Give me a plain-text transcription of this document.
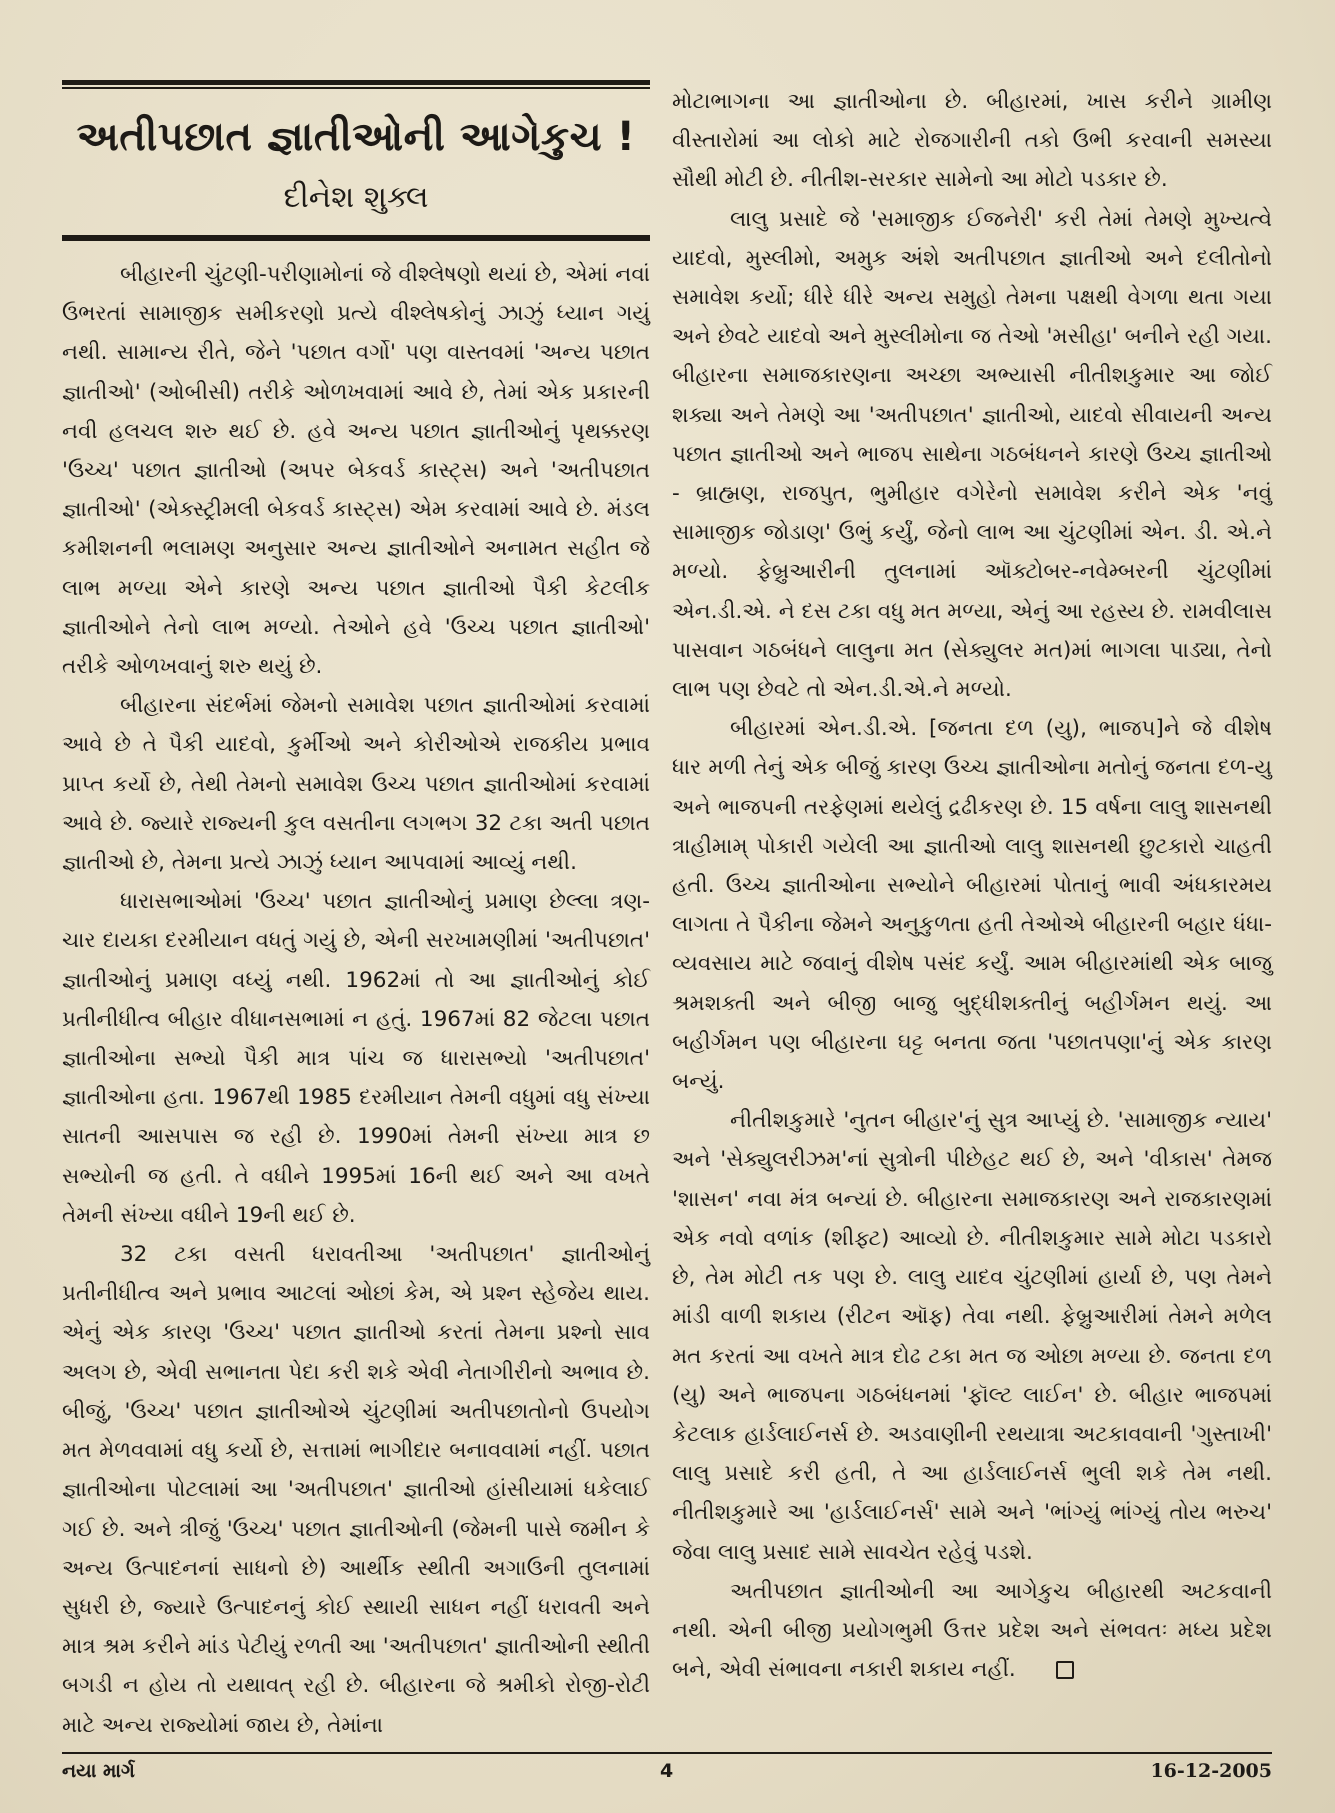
અતીપછાત જ્ઞાતીઓની આગેકુચ !
દીનેશ શુક્લ

બીહારની ચુંટણી-પરીણામોનાં જે વીશ્લેષણો થયાં છે, એમાં નવાં ઉભરતાં સામાજીક સમીકરણો પ્રત્યે વીશ્લેષકોનું ઝાઝું ધ્યાન ગયું નથી. સામાન્ય રીતે, જેને 'પછાત વર્ગો' પણ વાસ્તવમાં 'અન્ય પછાત જ્ઞાતીઓ' (ઓબીસી) તરીકે ઓળખવામાં આવે છે, તેમાં એક પ્રકારની નવી હલચલ શરુ થઈ છે. હવે અન્ય પછાત જ્ઞાતીઓનું પૃથક્કરણ 'ઉચ્ચ' પછાત જ્ઞાતીઓ (અપર બેકવર્ડ કાસ્ટ્સ) અને 'અતીપછાત જ્ઞાતીઓ' (એક્સ્ટ્રીમલી બેકવર્ડ કાસ્ટ્સ) એમ કરવામાં આવે છે. મંડલ કમીશનની ભલામણ અનુસાર અન્ય જ્ઞાતીઓને અનામત સહીત જે લાભ મળ્યા એને કારણે અન્ય પછાત જ્ઞાતીઓ પૈકી કેટલીક જ્ઞાતીઓને તેનો લાભ મળ્યો. તેઓને હવે 'ઉચ્ચ પછાત જ્ઞાતીઓ' તરીકે ઓળખવાનું શરુ થયું છે.

બીહારના સંદર્ભમાં જેમનો સમાવેશ પછાત જ્ઞાતીઓમાં કરવામાં આવે છે તે પૈકી યાદવો, કુર્મીઓ અને કોરીઓએ રાજકીય પ્રભાવ પ્રાપ્ત કર્યો છે, તેથી તેમનો સમાવેશ ઉચ્ચ પછાત જ્ઞાતીઓમાં કરવામાં આવે છે. જ્યારે રાજ્યની કુલ વસતીના લગભગ 32 ટકા અતી પછાત જ્ઞાતીઓ છે, તેમના પ્રત્યે ઝાઝું ધ્યાન આપવામાં આવ્યું નથી.

ધારાસભાઓમાં 'ઉચ્ચ' પછાત જ્ઞાતીઓનું પ્રમાણ છેલ્લા ત્રણ-ચાર દાયકા દરમીયાન વધતું ગયું છે, એની સરખામણીમાં 'અતીપછાત' જ્ઞાતીઓનું પ્રમાણ વધ્યું નથી. 1962માં તો આ જ્ઞાતીઓનું કોઈ પ્રતીનીધીત્વ બીહાર વીધાનસભામાં ન હતું. 1967માં 82 જેટલા પછાત જ્ઞાતીઓના સભ્યો પૈકી માત્ર પાંચ જ ધારાસભ્યો 'અતીપછાત' જ્ઞાતીઓના હતા. 1967થી 1985 દરમીયાન તેમની વધુમાં વધુ સંખ્યા સાતની આસપાસ જ રહી છે. 1990માં તેમની સંખ્યા માત્ર છ સભ્યોની જ હતી. તે વધીને 1995માં 16ની થઈ અને આ વખતે તેમની સંખ્યા વધીને 19ની થઈ છે.

32 ટકા વસતી ધરાવતીઆ 'અતીપછાત' જ્ઞાતીઓનું પ્રતીનીધીત્વ અને પ્રભાવ આટલાં ઓછાં કેમ, એ પ્રશ્ન સ્હેજેય થાય. એનું એક કારણ 'ઉચ્ચ' પછાત જ્ઞાતીઓ કરતાં તેમના પ્રશ્નો સાવ અલગ છે, એવી સભાનતા પેદા કરી શકે એવી નેતાગીરીનો અભાવ છે. બીજું, 'ઉચ્ચ' પછાત જ્ઞાતીઓએ ચુંટણીમાં અતીપછાતોનો ઉપયોગ મત મેળવવામાં વધુ કર્યો છે, સત્તામાં ભાગીદાર બનાવવામાં નહીં. પછાત જ્ઞાતીઓના પોટલામાં આ 'અતીપછાત' જ્ઞાતીઓ હાંસીયામાં ધકેલાઈ ગઈ છે. અને ત્રીજું 'ઉચ્ચ' પછાત જ્ઞાતીઓની (જેમની પાસે જમીન કે અન્ય ઉત્પાદનનાં સાધનો છે) આર્થીક સ્થીતી અગાઉની તુલનામાં સુધરી છે, જ્યારે ઉત્પાદનનું કોઈ સ્થાયી સાધન નહીં ધરાવતી અને માત્ર શ્રમ કરીને માંડ પેટીયું રળતી આ 'અતીપછાત' જ્ઞાતીઓની સ્થીતી બગડી ન હોય તો યથાવત્ રહી છે. બીહારના જે શ્રમીકો રોજી-રોટી માટે અન્ય રાજ્યોમાં જાય છે, તેમાંના

મોટાભાગના આ જ્ઞાતીઓના છે. બીહારમાં, ખાસ કરીને ગ્રામીણ વીસ્તારોમાં આ લોકો માટે રોજગારીની તકો ઉભી કરવાની સમસ્યા સૌથી મોટી છે. નીતીશ-સરકાર સામેનો આ મોટો પડકાર છે.

લાલુ પ્રસાદે જે 'સમાજીક ઈજનેરી' કરી તેમાં તેમણે મુખ્યત્વે યાદવો, મુસ્લીમો, અમુક અંશે અતીપછાત જ્ઞાતીઓ અને દલીતોનો સમાવેશ કર્યો; ધીરે ધીરે અન્ય સમુહો તેમના પક્ષથી વેગળા થતા ગયા અને છેવટે યાદવો અને મુસ્લીમોના જ તેઓ 'મસીહા' બનીને રહી ગયા. બીહારના સમાજકારણના અચ્છા અભ્યાસી નીતીશકુમાર આ જોઈ શક્યા અને તેમણે આ 'અતીપછાત' જ્ઞાતીઓ, યાદવો સીવાયની અન્ય પછાત જ્ઞાતીઓ અને ભાજપ સાથેના ગઠબંધનને કારણે ઉચ્ચ જ્ઞાતીઓ - બ્રાહ્મણ, રાજપુત, ભુમીહાર વગેરેનો સમાવેશ કરીને એક 'નવું સામાજીક જોડાણ' ઉભું કર્યું, જેનો લાભ આ ચુંટણીમાં એન. ડી. એ.ને મળ્યો. ફેબ્રુઆરીની તુલનામાં ઑક્ટોબર-નવેમ્બરની ચુંટણીમાં એન.ડી.એ. ને દસ ટકા વધુ મત મળ્યા, એનું આ રહસ્ય છે. રામવીલાસ પાસવાન ગઠબંધને લાલુના મત (સેક્યુલર મત)માં ભાગલા પાડ્યા, તેનો લાભ પણ છેવટે તો એન.ડી.એ.ને મળ્યો.

બીહારમાં એન.ડી.એ. [જનતા દળ (યુ), ભાજપ]ને જે વીશેષ ધાર મળી તેનું એક બીજું કારણ ઉચ્ચ જ્ઞાતીઓના મતોનું જનતા દળ-યુ અને ભાજપની તરફેણમાં થયેલું દ્રઢીકરણ છે. 15 વર્ષના લાલુ શાસનથી ત્રાહીમામ્ પોકારી ગયેલી આ જ્ઞાતીઓ લાલુ શાસનથી છુટકારો ચાહતી હતી. ઉચ્ચ જ્ઞાતીઓના સભ્યોને બીહારમાં પોતાનું ભાવી અંધકારમય લાગતા તે પૈકીના જેમને અનુકુળતા હતી તેઓએ બીહારની બહાર ધંધા-વ્યવસાય માટે જવાનું વીશેષ પસંદ કર્યું. આમ બીહારમાંથી એક બાજુ શ્રમશક્તી અને બીજી બાજુ બુદ્ધીશક્તીનું બહીર્ગમન થયું. આ બહીર્ગમન પણ બીહારના ઘટ્ટ બનતા જતા 'પછાતપણા'નું એક કારણ બન્યું.

નીતીશકુમારે 'નુતન બીહાર'નું સુત્ર આપ્યું છે. 'સામાજીક ન્યાય' અને 'સેક્યુલરીઝમ'નાં સુત્રોની પીછેહટ થઈ છે, અને 'વીકાસ' તેમજ 'શાસન' નવા મંત્ર બન્યાં છે. બીહારના સમાજકારણ અને રાજકારણમાં એક નવો વળાંક (શીફ્ટ) આવ્યો છે. નીતીશકુમાર સામે મોટા પડકારો છે, તેમ મોટી તક પણ છે. લાલુ યાદવ ચુંટણીમાં હાર્યા છે, પણ તેમને માંડી વાળી શકાય (રીટન ઑફ) તેવા નથી. ફેબ્રુઆરીમાં તેમને મળેલ મત કરતાં આ વખતે માત્ર દોઢ ટકા મત જ ઓછા મળ્યા છે. જનતા દળ (યુ) અને ભાજપના ગઠબંધનમાં 'ફૉલ્ટ લાઈન' છે. બીહાર ભાજપમાં કેટલાક હાર્ડલાઈનર્સ છે. અડવાણીની રથયાત્રા અટકાવવાની 'ગુસ્તાખી' લાલુ પ્રસાદે કરી હતી, તે આ હાર્ડલાઈનર્સ ભુલી શકે તેમ નથી. નીતીશકુમારે આ 'હાર્ડલાઈનર્સ' સામે અને 'ભાંગ્યું ભાંગ્યું તોય ભરુચ' જેવા લાલુ પ્રસાદ સામે સાવચેત રહેવું પડશે.

અતીપછાત જ્ઞાતીઓની આ આગેકુચ બીહારથી અટકવાની નથી. એની બીજી પ્રયોગભુમી ઉત્તર પ્રદેશ અને સંભવતઃ મધ્ય પ્રદેશ બને, એવી સંભાવના નકારી શકાય નહીં.

નયા માર્ગ	4	16-12-2005
